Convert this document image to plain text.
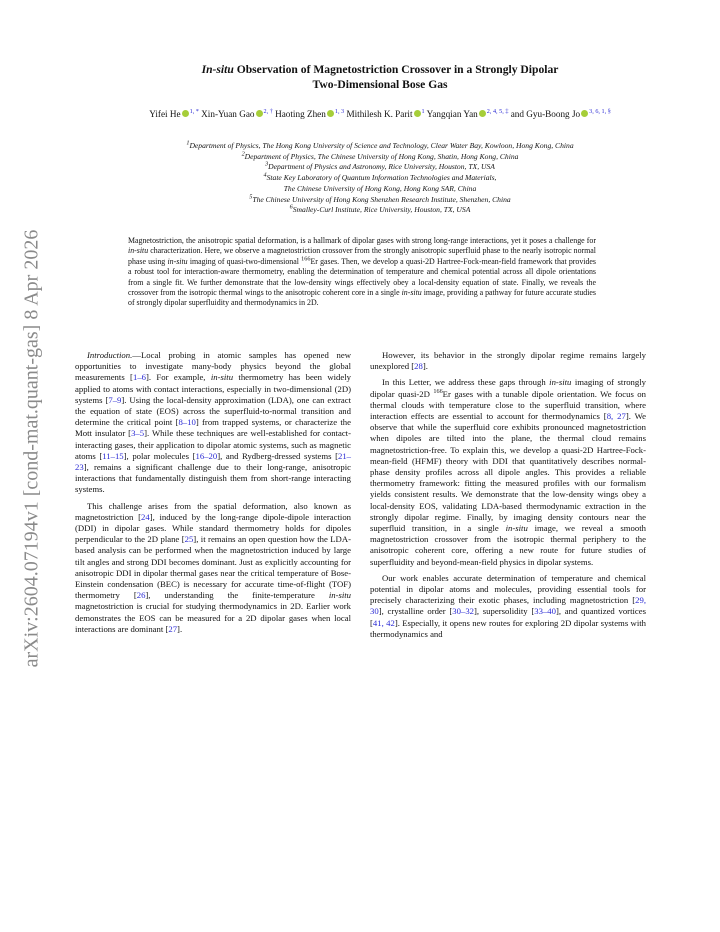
arXiv:2604.07194v1 [cond-mat.quant-gas] 8 Apr 2026
In-situ Observation of Magnetostriction Crossover in a Strongly Dipolar
Two-Dimensional Bose Gas
Yifei He $^{1, *}$ Xin-Yuan Gao $^{2, \dagger}$ Haoting Zhen $^{1, 3}$ Mithilesh K. Parit $^1$ Yangqian Yan $^{2, 4, 5, \ddagger}$ and Gyu-Boong Jo $^{3, 6, 1, \S}$
$^1$Department of Physics, The Hong Kong University of Science and Technology, Clear Water Bay, Kowloon, Hong Kong, China
$^2$Department of Physics, The Chinese University of Hong Kong, Shatin, Hong Kong, China
$^3$Department of Physics and Astronomy, Rice University, Houston, TX, USA
$^4$State Key Laboratory of Quantum Information Technologies and Materials,
The Chinese University of Hong Kong, Hong Kong SAR, China
$^5$The Chinese University of Hong Kong Shenzhen Research Institute, Shenzhen, China
$^6$Smalley-Curl Institute, Rice University, Houston, TX, USA
Magnetostriction, the anisotropic spatial deformation, is a hallmark of dipolar gases with strong long-range interactions, yet it poses a challenge for in-situ characterization. Here, we observe a magnetostriction crossover from the strongly anisotropic superfluid phase to the nearly isotropic normal phase using in-situ imaging of quasi-two-dimensional $^{166}$Er gases. Then, we develop a quasi-2D Hartree-Fock-mean-field framework that provides a robust tool for interaction-aware thermometry, enabling the determination of temperature and chemical potential across all dipole orientations from a single fit. We further demonstrate that the low-density wings effectively obey a local-density equation of state. Finally, we reveals the crossover from the isotropic thermal wings to the anisotropic coherent core in a single in-situ image, providing a pathway for future accurate studies of strongly dipolar superfluidity and thermodynamics in 2D.

Introduction.—Local probing in atomic samples has opened new opportunities to investigate many-body physics beyond the global measurements [1–6]. For example, in-situ thermometry has been widely applied to atoms with contact interactions, especially in two-dimensional (2D) systems [7–9]. Using the local-density approximation (LDA), one can extract the equation of state (EOS) across the superfluid-to-normal transition and determine the critical point [8–10] from trapped systems, or characterize the Mott insulator [3–5]. While these techniques are well-established for contact-interacting gases, their application to dipolar atomic systems, such as magnetic atoms [11–15], polar molecules [16–20], and Rydberg-dressed systems [21–23], remains a significant challenge due to their long-range, anisotropic interactions that fundamentally distinguish them from short-range interacting systems.

This challenge arises from the spatial deformation, also known as magnetostriction [24], induced by the long-range dipole-dipole interaction (DDI) in dipolar gases. While standard thermometry holds for dipoles perpendicular to the 2D plane [25], it remains an open question how the LDA-based analysis can be performed when the magnetostriction induced by large tilt angles and strong DDI becomes dominant. Just as explicitly accounting for anisotropic DDI in dipolar thermal gases near the critical temperature of Bose-Einstein condensation (BEC) is necessary for accurate time-of-flight (TOF) thermometry [26], understanding the finite-temperature in-situ magnetostriction is crucial for studying thermodynamics in 2D. Earlier work demonstrates the EOS can be measured for a 2D dipolar gases when local interactions are dominant [27].

However, its behavior in the strongly dipolar regime remains largely unexplored [28].

In this Letter, we address these gaps through in-situ imaging of strongly dipolar quasi-2D $^{166}$Er gases with a tunable dipole orientation. We focus on thermal clouds with temperature close to the superfluid transition, where interaction effects are essential to account for thermodynamics [8, 27]. We observe that while the superfluid core exhibits pronounced magnetostriction when dipoles are tilted into the plane, the thermal cloud remains magnetostriction-free. To explain this, we develop a quasi-2D Hartree-Fock-mean-field (HFMF) theory with DDI that quantitatively describes normal-phase density profiles across all dipole angles. This provides a reliable thermometry framework: fitting the measured profiles with our formalism yields consistent results. We demonstrate that the low-density wings obey a local-density EOS, validating LDA-based thermodynamic extraction in the strongly dipolar regime. Finally, by imaging density contours near the superfluid transition, in a single in-situ image, we reveal a smooth magnetostriction crossover from the isotropic thermal periphery to the anisotropic coherent core, offering a new route for future studies of superfluidity and beyond-mean-field physics in dipolar systems.

Our work enables accurate determination of temperature and chemical potential in dipolar atoms and molecules, providing essential tools for precisely characterizing their exotic phases, including magnetostriction [29, 30], crystalline order [30–32], supersolidity [33–40], and quantized vortices [41, 42]. Especially, it opens new routes for exploring 2D dipolar systems with thermodynamics and
